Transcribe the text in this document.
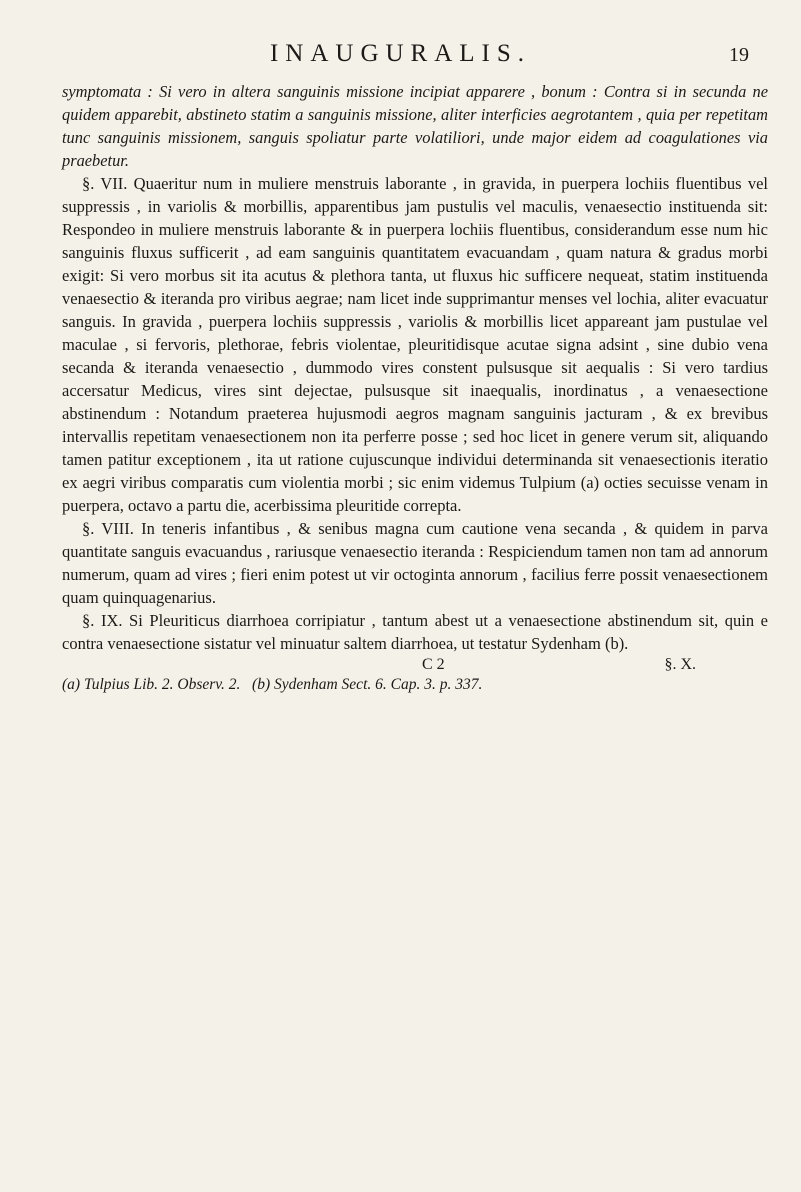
INAUGURALIS.	19

symptomata : Si vero in altera sanguinis missione incipiat apparere , bonum : Contra si in secunda ne quidem apparebit, abstineto statim a sanguinis missione, aliter interficies aegrotantem , quia per repetitam tunc sanguinis missionem, sanguis spoliatur parte volatiliori, unde major eidem ad coagulationes via praebetur.

§. VII. Quaeritur num in muliere menstruis laborante , in gravida, in puerpera lochiis fluentibus vel suppressis , in variolis & morbillis, apparentibus jam pustulis vel maculis, venaesectio instituenda sit: Respondeo in muliere menstruis laborante & in puerpera lochiis fluentibus, considerandum esse num hic sanguinis fluxus sufficerit , ad eam sanguinis quantitatem evacuandam , quam natura & gradus morbi exigit: Si vero morbus sit ita acutus & plethora tanta, ut fluxus hic sufficere nequeat, statim instituenda venaesectio & iteranda pro viribus aegrae; nam licet inde supprimantur menses vel lochia, aliter evacuatur sanguis. In gravida , puerpera lochiis suppressis , variolis & morbillis licet appareant jam pustulae vel maculae , si fervoris, plethorae, febris violentae, pleuritidisque acutae signa adsint , sine dubio vena secanda & iteranda venaesectio , dummodo vires constent pulsusque sit aequalis : Si vero tardius accersatur Medicus, vires sint dejectae, pulsusque sit inaequalis, inordinatus , a venaesectione abstinendum : Notandum praeterea hujusmodi aegros magnam sanguinis jacturam , & ex brevibus intervallis repetitam venaesectionem non ita perferre posse ; sed hoc licet in genere verum sit, aliquando tamen patitur exceptionem , ita ut ratione cujuscunque individui determinanda sit venaesectionis iteratio ex aegri viribus comparatis cum violentia morbi ; sic enim videmus Tulpium (a) octies secuisse venam in puerpera, octavo a partu die, acerbissima pleuritide correpta.

§. VIII. In teneris infantibus , & senibus magna cum cautione vena secanda , & quidem in parva quantitate sanguis evacuandus , rariusque venaesectio iteranda : Respiciendum tamen non tam ad annorum numerum, quam ad vires ; fieri enim potest ut vir octoginta annorum , facilius ferre possit venaesectionem quam quinquagenarius.

§. IX. Si Pleuriticus diarrhoea corripiatur , tantum abest ut a venaesectione abstinendum sit, quin e contra venaesectione sistatur vel minuatur saltem diarrhoea, ut testatur Sydenham (b).

C 2	§. X.
(a) Tulpius Lib. 2. Observ. 2. (b) Sydenham Sect. 6. Cap. 3. p. 337.
